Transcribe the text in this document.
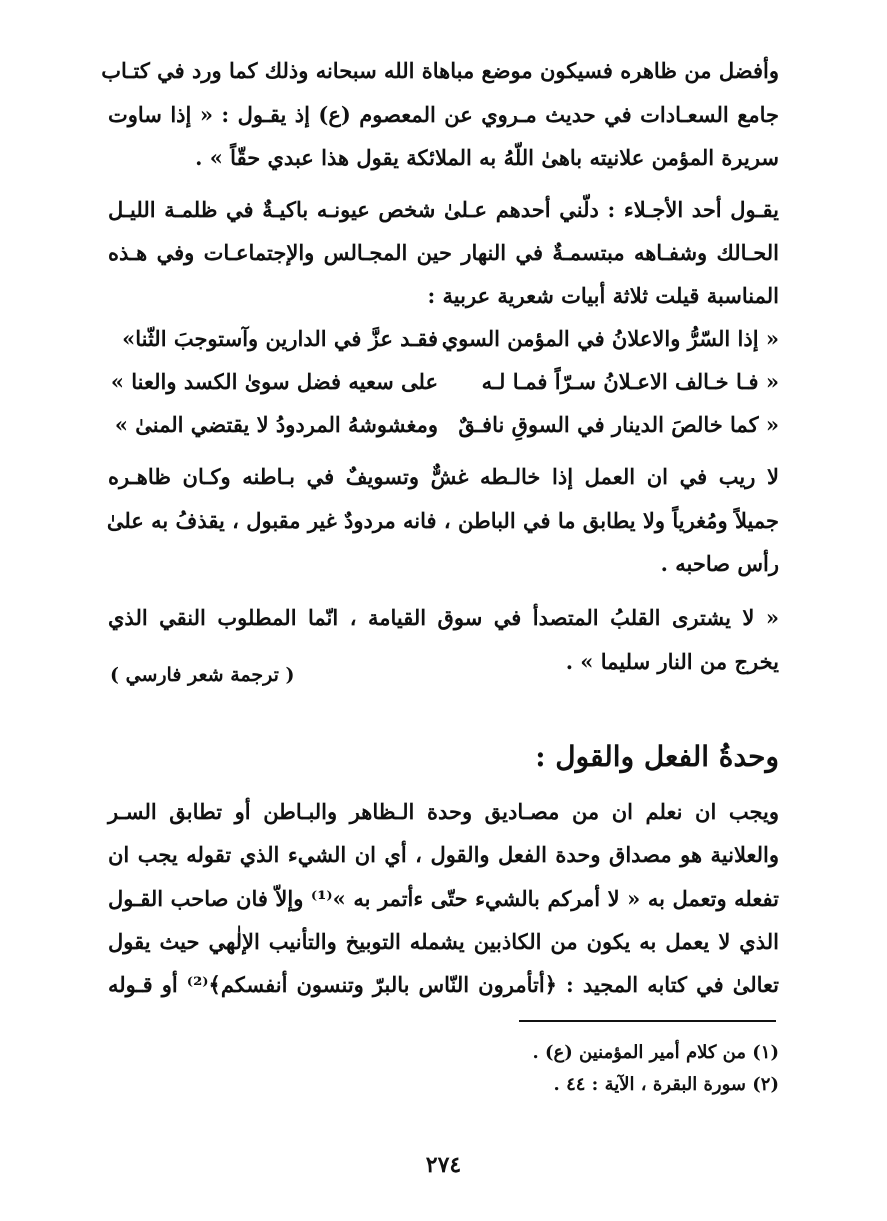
وأفضل من ظاهره فسيكون موضع مباهاة الله سبحانه وذلك كما ورد في كتـاب
جامع السعـادات في حديث مـروي عن المعصوم (ع) إذ يقـول : « إذا ساوت
سريرة المؤمن علانيته باهىٰ اللّهُ به الملائكة يقول هذا عبدي حقّاً » .
يقـول أحد الأجـلاء : دلّني أحدهم عـلىٰ شخص عيونـه باكيـةٌ في ظلمـة الليـل
الحـالك وشفـاهه مبتسمـةٌ في النهار حين المجـالس والإجتماعـات وفي هـذه
المناسبة قيلت ثلاثة أبيات شعرية عربية :
« إذا السّرُّ والاعلانُ في المؤمن السوي
فقـد عزَّ في الدارين وآستوجبَ الثّنا»
« فـا خـالف الاعـلانُ سـرّاً فمـا لـه
على سعيه فضل سوىٰ الكسد والعنا »
« كما خالصَ الدينار في السوقِ نافـقٌ
ومغشوشهُ المردودُ لا يقتضي المنىٰ »
لا ريب في ان العمل إذا خالـطه غشٌّ وتسويفٌ في بـاطنه وكـان ظاهـره
جميلاً ومُغرياً ولا يطابق ما في الباطن ، فانه مردودٌ غير مقبول ، يقذفُ به علىٰ
رأس صاحبه .
« لا يشترى القلبُ المتصدأ في سوق القيامة ، انّما المطلوب النقي الذي
يخرج من النار سليما » .
( ترجمة شعر فارسي )
وحدةُ الفعل والقول :
ويجب ان نعلم ان من مصـاديق وحدة الـظاهر والبـاطن أو تطابق السـر
والعلانية هو مصداق وحدة الفعل والقول ، أي ان الشيء الذي تقوله يجب ان
تفعله وتعمل به « لا أمركم بالشيء حتّى ءأتمر به »⁽¹⁾ وإلاّ فان صاحب القـول
الذي لا يعمل به يكون من الكاذبين يشمله التوبيخ والتأنيب الإلٰهي حيث يقول
تعالىٰ في كتابه المجيد : ﴿أتأمرون النّاس بالبرّ وتنسون أنفسكم﴾⁽²⁾ أو قـوله
(١) من كلام أمير المؤمنين (ع) .
(٢) سورة البقرة ، الآية : ٤٤ .
٢٧٤
